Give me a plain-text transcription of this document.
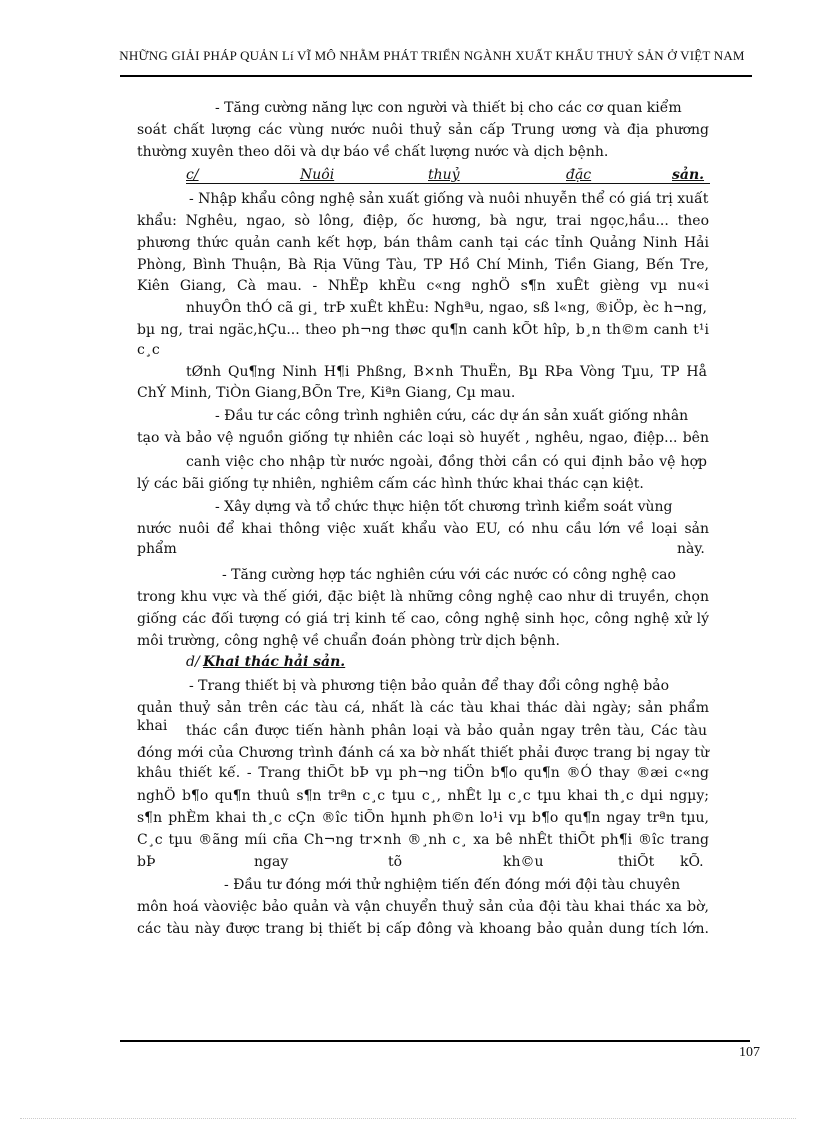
NHỮNG GIẢI PHÁP QUẢN Lí VĨ MÔ NHẰM PHÁT TRIỂN NGÀNH XUẤT KHẨU THUỶ SẢN Ở VIỆT NAM
- Tăng cường năng lực con người và thiết bị cho các cơ quan kiểm
soát chất lượng các vùng nước nuôi thuỷ sản cấp Trung ương và địa phương
thường xuyên theo dõi và dự báo về chất lượng nước và dịch bệnh.
c/	Nuôi	thuỷ	đặc	sản.
- Nhập khẩu công nghệ sản xuất giống và nuôi nhuyễn thể có giá trị xuất
khẩu: Nghêu, ngao, sò lông, điệp, ốc hương, bà ngư, trai ngọc,hầu... theo
phương thức quản canh kết hợp, bán thâm canh tại các tỉnh Quảng Ninh Hải
Phòng, Bình Thuận, Bà Rịa Vũng Tàu, TP Hồ Chí Minh, Tiền Giang, Bến Tre,
Kiên Giang, Cà mau. - NhËp khÈu c«ng nghÖ s¶n xuÊt gièng vµ nu«i
nhuyÔn thÓ cã gi¸ trÞ xuÊt khÈu: Nghªu, ngao, sß l«ng, ®iÖp, èc h¬ng,
bµ ng, trai ngäc,hÇu... theo ph¬ng thøc qu¶n canh kÕt hîp, b¸n th©m canh t¹i
c¸c
tØnh Qu¶ng Ninh H¶i Phßng, B×nh ThuËn, Bµ RÞa Vòng Tµu, TP Hå
ChÝ Minh, TiÒn Giang,BÕn Tre, Kiªn Giang, Cµ mau.
- Đầu tư các công trình nghiên cứu, các dự án sản xuất giống nhân
tạo và bảo vệ nguồn giống tự nhiên các loại sò huyết , nghêu, ngao, điệp... bên
canh việc cho nhập từ nước ngoài, đồng thời cần có qui định bảo vệ hợp
lý các bãi giống tự nhiên, nghiêm cấm các hình thức khai thác cạn kiệt.
- Xây dựng và tổ chức thực hiện tốt chương trình kiểm soát vùng
nước nuôi để khai thông việc xuất khẩu vào EU, có nhu cầu lớn về loại sản
phẩm	này.
- Tăng cường hợp tác nghiên cứu với các nước có công nghệ cao
trong khu vực và thế giới, đặc biệt là những công nghệ cao như di truyền, chọn
giống các đối tượng có giá trị kinh tế cao, công nghệ sinh học, công nghệ xử lý
môi trường, công nghệ về chuẩn đoán phòng trừ dịch bệnh.
d/ Khai thác hải sản.
- Trang thiết bị và phương tiện bảo quản để thay đổi công nghệ bảo
quản thuỷ sản trên các tàu cá, nhất là các tàu khai thác dài ngày; sản phẩm khai	thác cần được tiến hành phân loại và bảo quản ngay trên tàu, Các tàu
đóng mới của Chương trình đánh cá xa bờ nhất thiết phải được trang bị ngay từ
khâu thiết kế. - Trang thiÕt bÞ vµ ph¬ng tiÖn b¶o qu¶n ®Ó thay ®æi c«ng
nghÖ b¶o qu¶n thuû s¶n trªn c¸c tµu c¸, nhÊt lµ c¸c tµu khai th¸c dµi ngµy;
s¶n phÈm khai th¸c cÇn ®îc tiÕn hµnh ph©n lo¹i vµ b¶o qu¶n ngay trªn tµu,
C¸c tµu ®ãng míi cña Ch¬ng tr×nh ®¸nh c¸ xa bê nhÊt thiÕt ph¶i ®îc trang
bÞ	ngay	tõ	kh©u	thiÕt kÕ.
- Đầu tư đóng mới thử nghiệm tiến đến đóng mới đội tàu chuyên
môn hoá vàoviệc bảo quản và vận chuyển thuỷ sản của đội tàu khai thác xa bờ,
các tàu này được trang bị thiết bị cấp đông và khoang bảo quản dung tích lớn.
107
